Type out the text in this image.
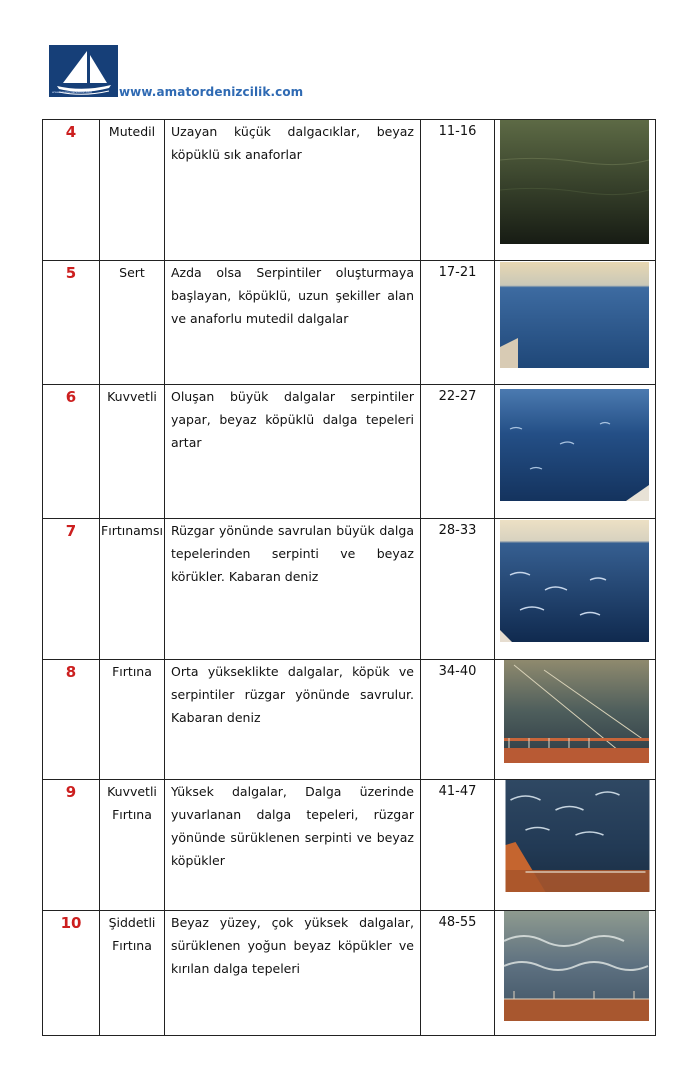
www.amatordenizcilik.com www.amatordenizcilik.com
4	Mutedil	Uzayan küçük dalgacıklar, beyaz köpüklü sık anaforlar	11-16	
5	Sert	Azda olsa Serpintiler oluşturmaya başlayan, köpüklü, uzun şekiller alan ve anaforlu mutedil dalgalar	17-21	
6	Kuvvetli	Oluşan büyük dalgalar serpintiler yapar, beyaz köpüklü dalga tepeleri artar	22-27	
7	Fırtınamsı	Rüzgar yönünde savrulan büyük dalga tepelerinden serpinti ve beyaz körükler. Kabaran deniz	28-33	
8	Fırtına	Orta yükseklikte dalgalar, köpük ve serpintiler rüzgar yönünde savrulur. Kabaran deniz	34-40	
9	Kuvvetli Fırtına	Yüksek dalgalar, Dalga üzerinde yuvarlanan dalga tepeleri, rüzgar yönünde sürüklenen serpinti ve beyaz köpükler	41-47	
10	Şiddetli Fırtına	Beyaz yüzey, çok yüksek dalgalar, sürüklenen yoğun beyaz köpükler ve kırılan dalga tepeleri	48-55	
